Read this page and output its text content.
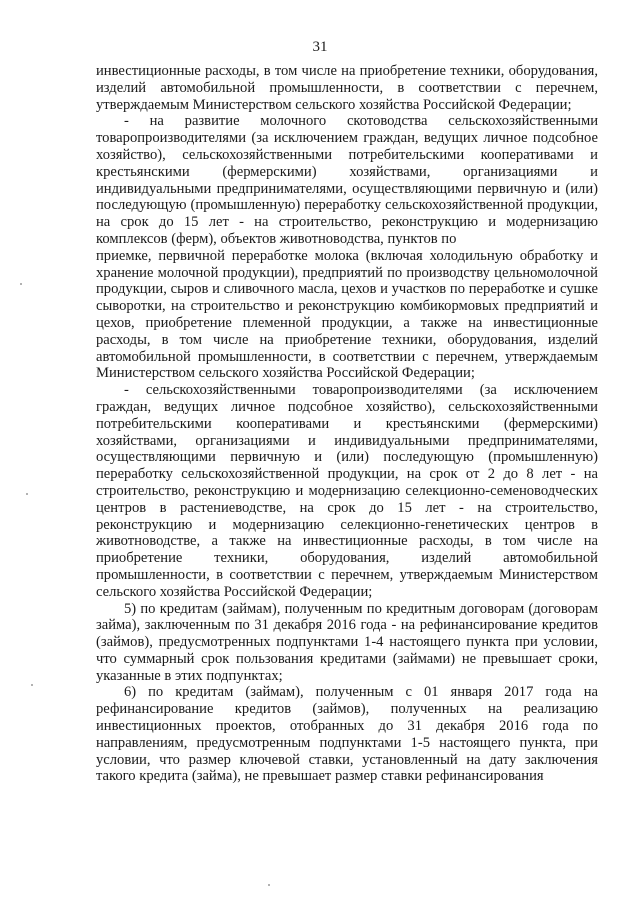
31

инвестиционные расходы, в том числе на приобретение техники, оборудования, изделий автомобильной промышленности, в соответствии с перечнем, утверждаемым Министерством сельского хозяйства Российской Федерации;

- на развитие молочного скотоводства сельскохозяйственными товаропроизводителями (за исключением граждан, ведущих личное подсобное хозяйство), сельскохозяйственными потребительскими кооперативами и крестьянскими (фермерскими) хозяйствами, организациями и индивидуальными предпринимателями, осуществляющими первичную и (или) последующую (промышленную) переработку сельскохозяйственной продукции, на срок до 15 лет - на строительство, реконструкцию и модернизацию комплексов (ферм), объектов животноводства, пунктов по

приемке, первичной переработке молока (включая холодильную обработку и хранение молочной продукции), предприятий по производству цельномолочной продукции, сыров и сливочного масла, цехов и участков по переработке и сушке сыворотки, на строительство и реконструкцию комбикормовых предприятий и цехов, приобретение племенной продукции, а также на инвестиционные расходы, в том числе на приобретение техники, оборудования, изделий автомобильной промышленности, в соответствии с перечнем, утверждаемым Министерством сельского хозяйства Российской Федерации;

- сельскохозяйственными товаропроизводителями (за исключением граждан, ведущих личное подсобное хозяйство), сельскохозяйственными потребительскими кооперативами и крестьянскими (фермерскими) хозяйствами, организациями и индивидуальными предпринимателями, осуществляющими первичную и (или) последующую (промышленную) переработку сельскохозяйственной продукции, на срок от 2 до 8 лет - на строительство, реконструкцию и модернизацию селекционно-семеноводческих центров в растениеводстве, на срок до 15 лет - на строительство, реконструкцию и модернизацию селекционно-генетических центров в животноводстве, а также на инвестиционные расходы, в том числе на приобретение техники, оборудования, изделий автомобильной промышленности, в соответствии с перечнем, утверждаемым Министерством сельского хозяйства Российской Федерации;

5) по кредитам (займам), полученным по кредитным договорам (договорам займа), заключенным по 31 декабря 2016 года - на рефинансирование кредитов (займов), предусмотренных подпунктами 1-4 настоящего пункта при условии, что суммарный срок пользования кредитами (займами) не превышает сроки, указанные в этих подпунктах;

6) по кредитам (займам), полученным с 01 января 2017 года на рефинансирование кредитов (займов), полученных на реализацию инвестиционных проектов, отобранных до 31 декабря 2016 года по направлениям, предусмотренным подпунктами 1-5 настоящего пункта, при условии, что размер ключевой ставки, установленный на дату заключения такого кредита (займа), не превышает размер ставки рефинансирования
